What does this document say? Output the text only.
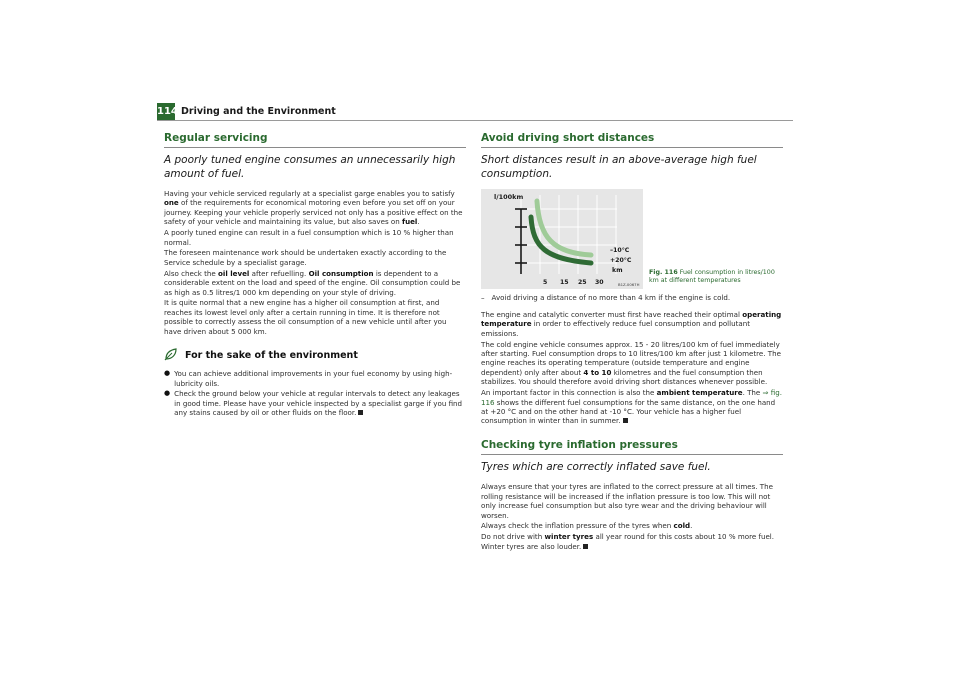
114 Driving and the Environment
Regular servicing
A poorly tuned engine consumes an unnecessarily high amount of fuel.

Having your vehicle serviced regularly at a specialist garge enables you to satisfy one of the requirements for economical motoring even before you set off on your journey. Keeping your vehicle properly serviced not only has a positive effect on the safety of your vehicle and maintaining its value, but also saves on fuel.

A poorly tuned engine can result in a fuel consumption which is 10 % higher than normal.

The foreseen maintenance work should be undertaken exactly according to the Service schedule by a specialist garage.

Also check the oil level after refuelling. Oil consumption is dependent to a considerable extent on the load and speed of the engine. Oil consumption could be as high as 0.5 litres/1 000 km depending on your style of driving.

It is quite normal that a new engine has a higher oil consumption at first, and reaches its lowest level only after a certain running in time. It is therefore not possible to correctly assess the oil consumption of a new vehicle until after you have driven about 5 000 km.

For the sake of the environment
● You can achieve additional improvements in your fuel economy by using high-lubricity oils.

● Check the ground below your vehicle at regular intervals to detect any leakages in good time. Please have your vehicle inspected by a specialist garge if you find any stains caused by oil or other fluids on the floor.

Avoid driving short distances
Short distances result in an above-average high fuel consumption.
l/100km
–10°C
+20°C
km
5 15 25 30	B1Z-0067H
Fig. 116 Fuel consumption in litres/100 km at different temperatures
– Avoid driving a distance of no more than 4 km if the engine is cold.

The engine and catalytic converter must first have reached their optimal operating temperature in order to effectively reduce fuel consumption and pollutant emissions.

The cold engine vehicle consumes approx. 15 - 20 litres/100 km of fuel immediately after starting. Fuel consumption drops to 10 litres/100 km after just 1 kilometre. The engine reaches its operating temperature (outside temperature and engine dependent) only after about 4 to 10 kilometres and the fuel consumption then stabilizes. You should therefore avoid driving short distances whenever possible.

An important factor in this connection is also the ambient temperature. The ⇒ fig. 116 shows the different fuel consumptions for the same distance, on the one hand at +20 °C and on the other hand at -10 °C. Your vehicle has a higher fuel consumption in winter than in summer.

Checking tyre inflation pressures
Tyres which are correctly inflated save fuel.

Always ensure that your tyres are inflated to the correct pressure at all times. The rolling resistance will be increased if the inflation pressure is too low. This will not only increase fuel consumption but also tyre wear and the driving behaviour will worsen.

Always check the inflation pressure of the tyres when cold.

Do not drive with winter tyres all year round for this costs about 10 % more fuel. Winter tyres are also louder.
